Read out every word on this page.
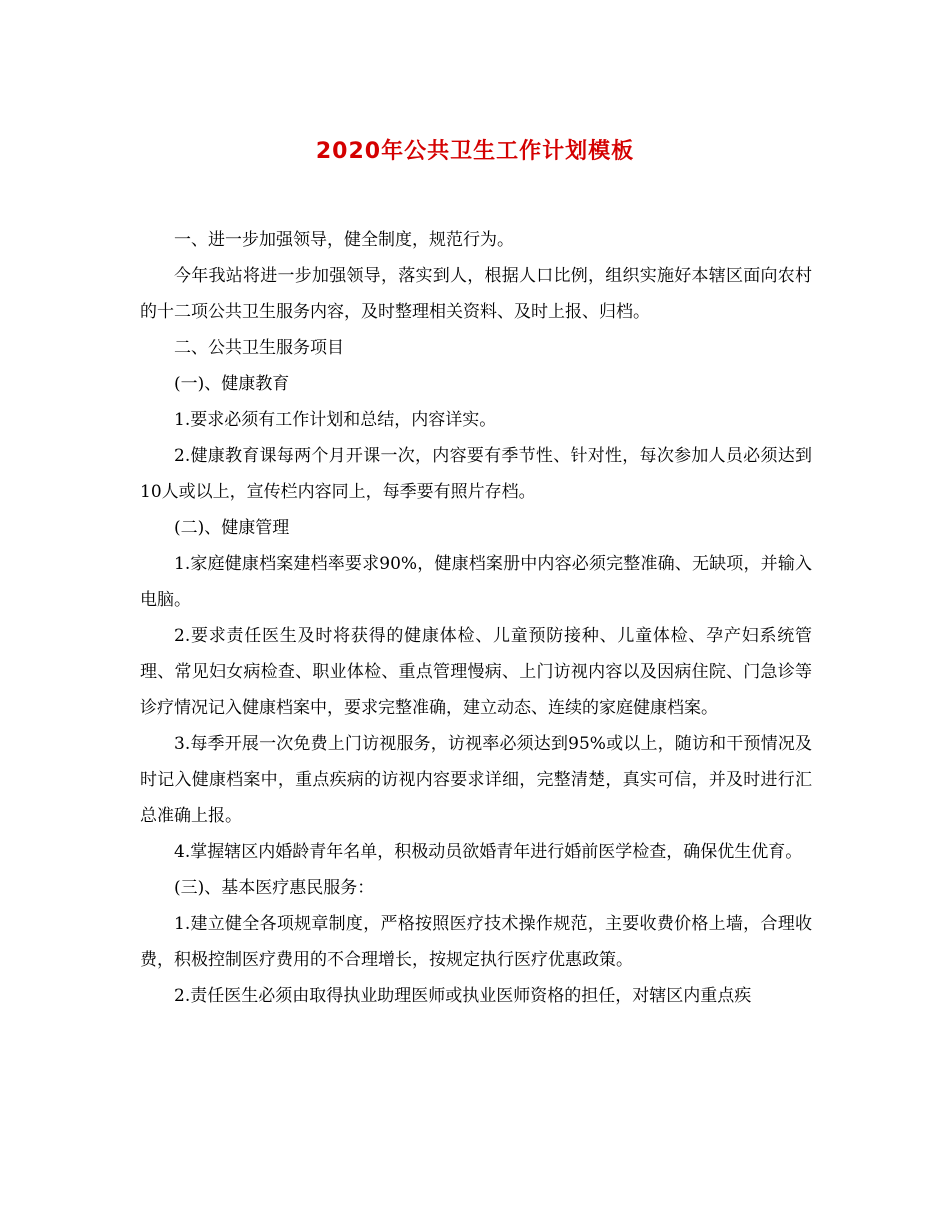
2020年公共卫生工作计划模板

一、进一步加强领导，健全制度，规范行为。

今年我站将进一步加强领导，落实到人，根据人口比例，组织实施好本辖区面向农村的十二项公共卫生服务内容，及时整理相关资料、及时上报、归档。

二、公共卫生服务项目

(一)、健康教育

1.要求必须有工作计划和总结，内容详实。

2.健康教育课每两个月开课一次，内容要有季节性、针对性，每次参加人员必须达到10人或以上，宣传栏内容同上，每季要有照片存档。

(二)、健康管理

1.家庭健康档案建档率要求90%，健康档案册中内容必须完整准确、无缺项，并输入电脑。

2.要求责任医生及时将获得的健康体检、儿童预防接种、儿童体检、孕产妇系统管理、常见妇女病检查、职业体检、重点管理慢病、上门访视内容以及因病住院、门急诊等诊疗情况记入健康档案中，要求完整准确，建立动态、连续的家庭健康档案。

3.每季开展一次免费上门访视服务，访视率必须达到95%或以上，随访和干预情况及时记入健康档案中，重点疾病的访视内容要求详细，完整清楚，真实可信，并及时进行汇总准确上报。

4.掌握辖区内婚龄青年名单，积极动员欲婚青年进行婚前医学检查，确保优生优育。

(三)、基本医疗惠民服务：

1.建立健全各项规章制度，严格按照医疗技术操作规范，主要收费价格上墙，合理收费，积极控制医疗费用的不合理增长，按规定执行医疗优惠政策。

2.责任医生必须由取得执业助理医师或执业医师资格的担任，对辖区内重点疾
